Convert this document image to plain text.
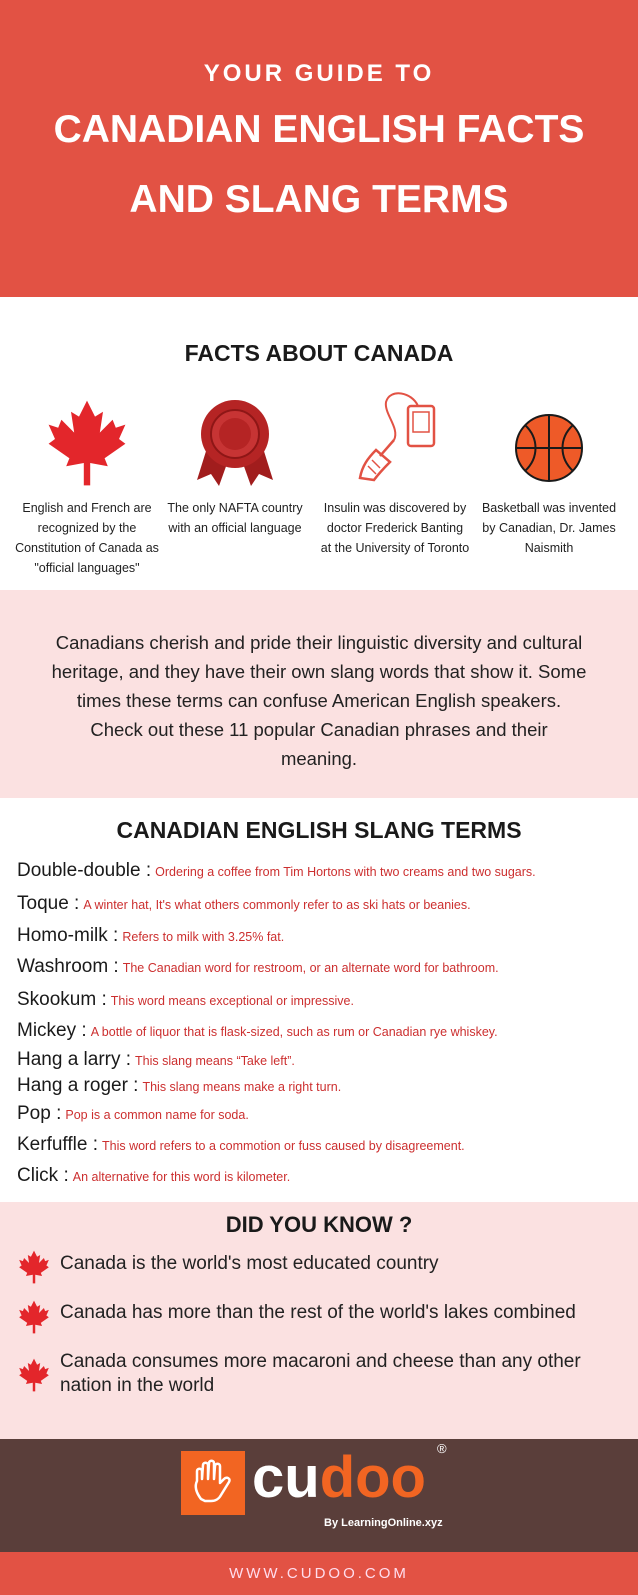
YOUR GUIDE TO
CANADIAN ENGLISH FACTS
AND SLANG TERMS
FACTS ABOUT CANADA
English and French are recognized by the Constitution of Canada as "official languages"
The only NAFTA country with an official language
Insulin was discovered by doctor Frederick Banting at the University of Toronto
Basketball was invented by Canadian, Dr. James Naismith

Canadians cherish and pride their linguistic diversity and cultural heritage, and they have their own slang words that show it. Some times these terms can confuse American English speakers. Check out these 11 popular Canadian phrases and their meaning.

CANADIAN ENGLISH SLANG TERMS
Double-double : Ordering a coffee from Tim Hortons with two creams and two sugars.
Toque : A winter hat, It's what others commonly refer to as ski hats or beanies.
Homo-milk : Refers to milk with 3.25% fat.
Washroom : The Canadian word for restroom, or an alternate word for bathroom.
Skookum : This word means exceptional or impressive.
Mickey : A bottle of liquor that is flask-sized, such as rum or Canadian rye whiskey.
Hang a larry : This slang means “Take left”.
Hang a roger : This slang means make a right turn.
Pop : Pop is a common name for soda.
Kerfuffle : This word refers to a commotion or fuss caused by disagreement.
Click : An alternative for this word is kilometer.
DID YOU KNOW ?
Canada is the world's most educated country
Canada has more than the rest of the world's lakes combined
Canada consumes more macaroni and cheese than any other nation in the world
cudoo ®
By LearningOnline.xyz
WWW.CUDOO.COM
